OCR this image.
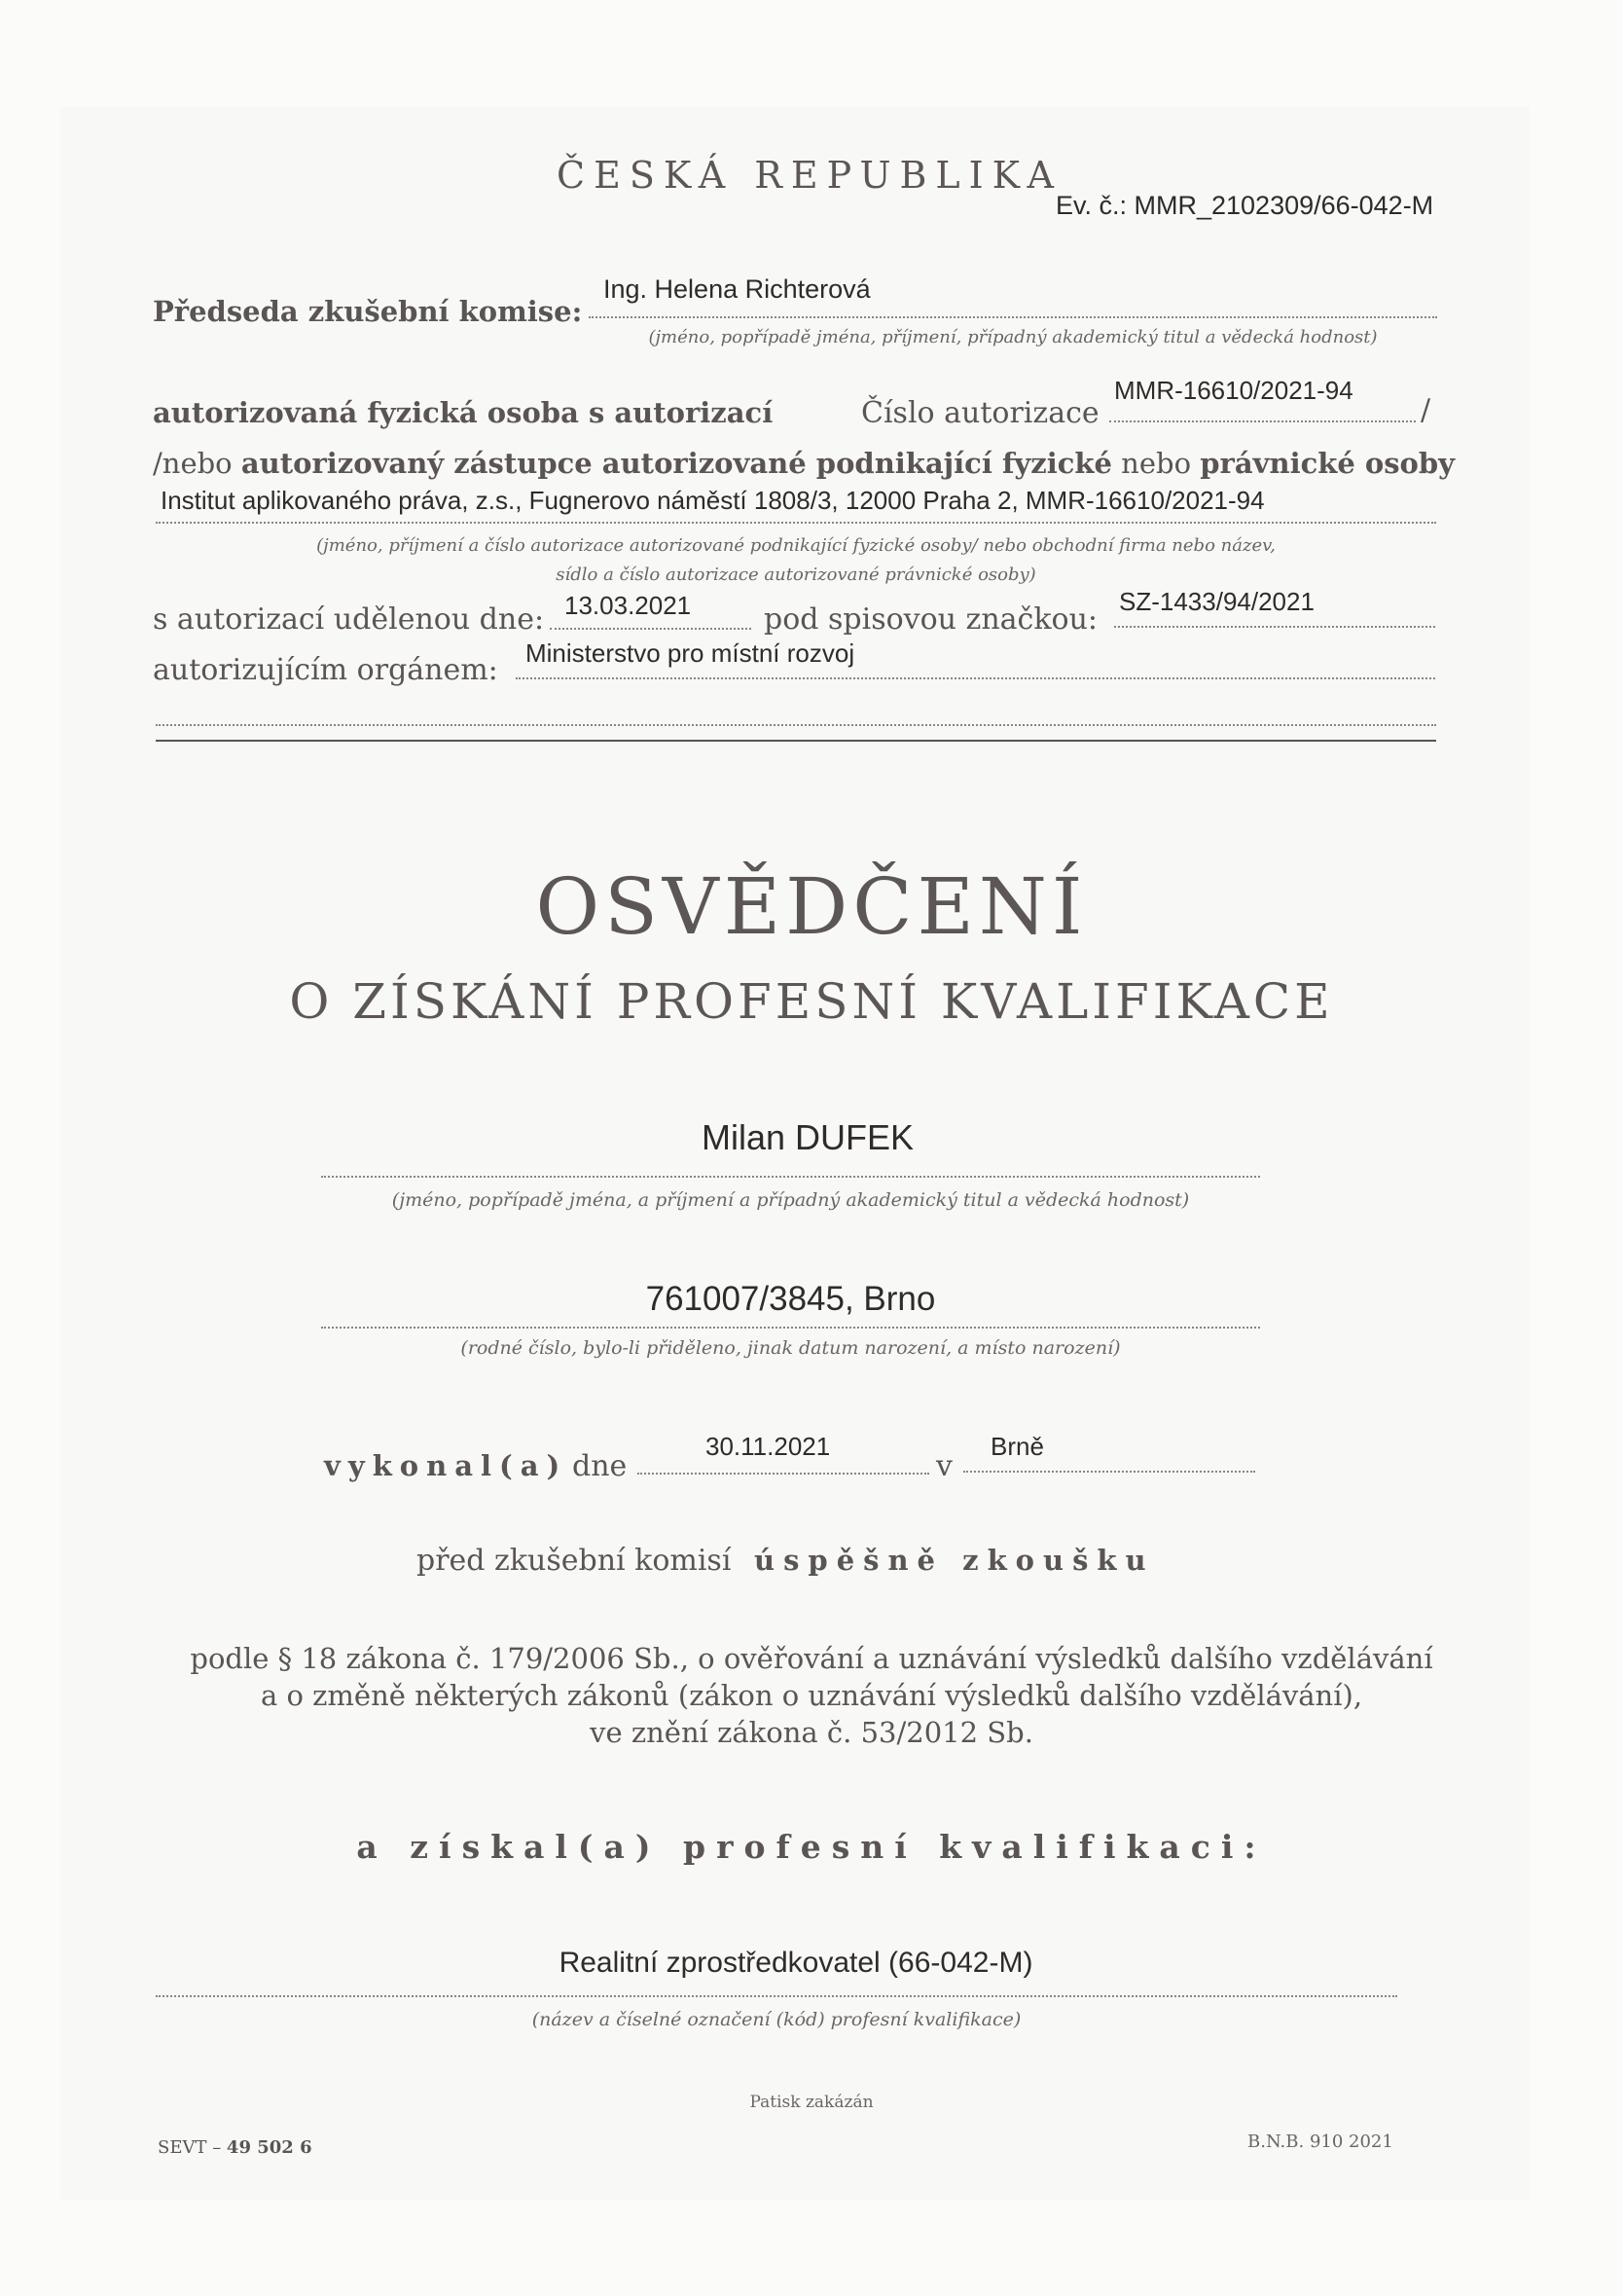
ČESKÁ REPUBLIKA
Ev. č.: MMR_2102309/66-042-M
Předseda zkušební komise:
Ing. Helena Richterová
(jméno, popřípadě jména, příjmení, případný akademický titul a vědecká hodnost)
autorizovaná fyzická osoba s autorizací	Číslo autorizace
MMR-16610/2021-94
/
/nebo autorizovaný zástupce autorizované podnikající fyzické nebo právnické osoby
Institut aplikovaného práva, z.s., Fugnerovo náměstí 1808/3, 12000 Praha 2, MMR-16610/2021-94
(jméno, příjmení a číslo autorizace autorizované podnikající fyzické osoby/ nebo obchodní firma nebo název,
sídlo a číslo autorizace autorizované právnické osoby)
s autorizací udělenou dne: 13.03.2021 pod spisovou značkou:
SZ-1433/94/2021
autorizujícím orgánem: Ministerstvo pro místní rozvoj
OSVĚDČENÍ
O ZÍSKÁNÍ PROFESNÍ KVALIFIKACE
Milan DUFEK
(jméno, popřípadě jména, a příjmení a případný akademický titul a vědecká hodnost)
761007/3845, Brno
(rodné číslo, bylo-li přiděleno, jinak datum narození, a místo narození)
vykonal(a) dne
30.11.2021
v
Brně
před zkušební komisí úspěšně zkoušku
podle § 18 zákona č. 179/2006 Sb., o ověřování a uznávání výsledků dalšího vzdělávání
a o změně některých zákonů (zákon o uznávání výsledků dalšího vzdělávání),
ve znění zákona č. 53/2012 Sb.
a získal(a) profesní kvalifikaci:
Realitní zprostředkovatel (66-042-M)
(název a číselné označení (kód) profesní kvalifikace)
Patisk zakázán
SEVT – 49 502 6	B.N.B. 910 2021
